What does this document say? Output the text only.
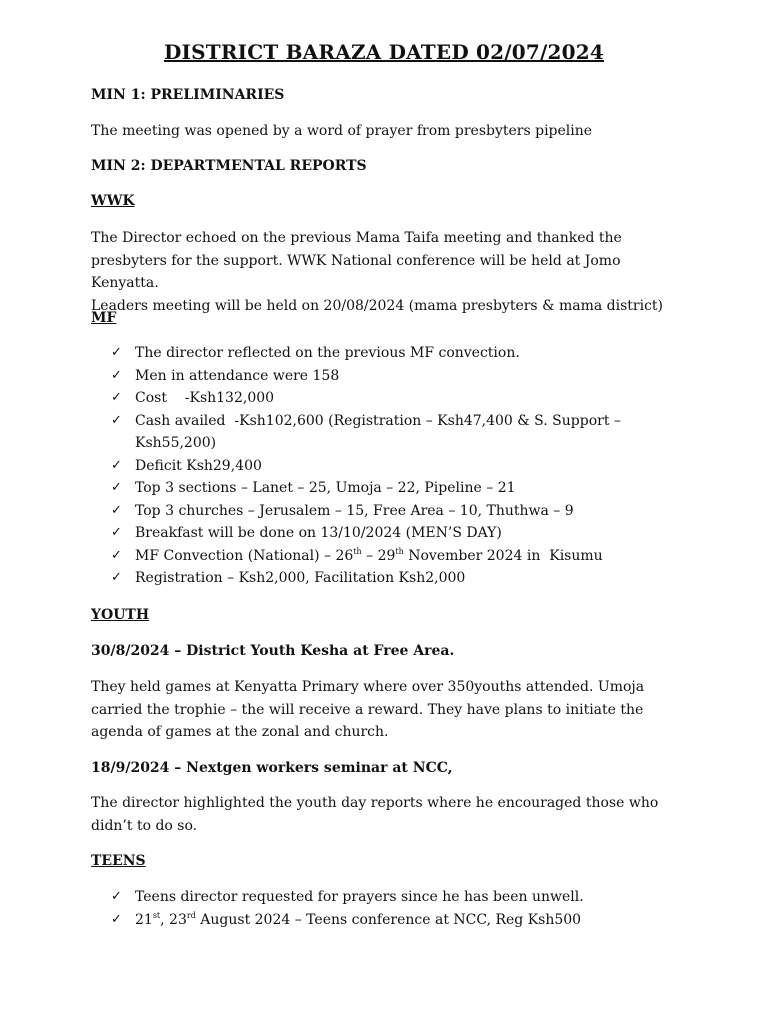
DISTRICT BARAZA DATED 02/07/2024
MIN 1: PRELIMINARIES
The meeting was opened by a word of prayer from presbyters pipeline
MIN 2: DEPARTMENTAL REPORTS
WWK
The Director echoed on the previous Mama Taifa meeting and thanked the
presbyters for the support. WWK National conference will be held at Jomo Kenyatta.
Leaders meeting will be held on 20/08/2024 (mama presbyters & mama district)
MF
✓ The director reflected on the previous MF convection.
✓ Men in attendance were 158
✓ Cost    -Ksh132,000
✓ Cash availed  -Ksh102,600 (Registration – Ksh47,400 & S. Support –
Ksh55,200)
✓ Deficit Ksh29,400
✓ Top 3 sections – Lanet – 25, Umoja – 22, Pipeline – 21
✓ Top 3 churches – Jerusalem – 15, Free Area – 10, Thuthwa – 9
✓ Breakfast will be done on 13/10/2024 (MEN’S DAY)
✓ MF Convection (National) – 26th – 29th November 2024 in  Kisumu
✓ Registration – Ksh2,000, Facilitation Ksh2,000
YOUTH
30/8/2024 – District Youth Kesha at Free Area.
They held games at Kenyatta Primary where over 350youths attended. Umoja
carried the trophie – the will receive a reward. They have plans to initiate the
agenda of games at the zonal and church.
18/9/2024 – Nextgen workers seminar at NCC,
The director highlighted the youth day reports where he encouraged those who
didn’t to do so.
TEENS
✓ Teens director requested for prayers since he has been unwell.
✓ 21st, 23rd August 2024 – Teens conference at NCC, Reg Ksh500
